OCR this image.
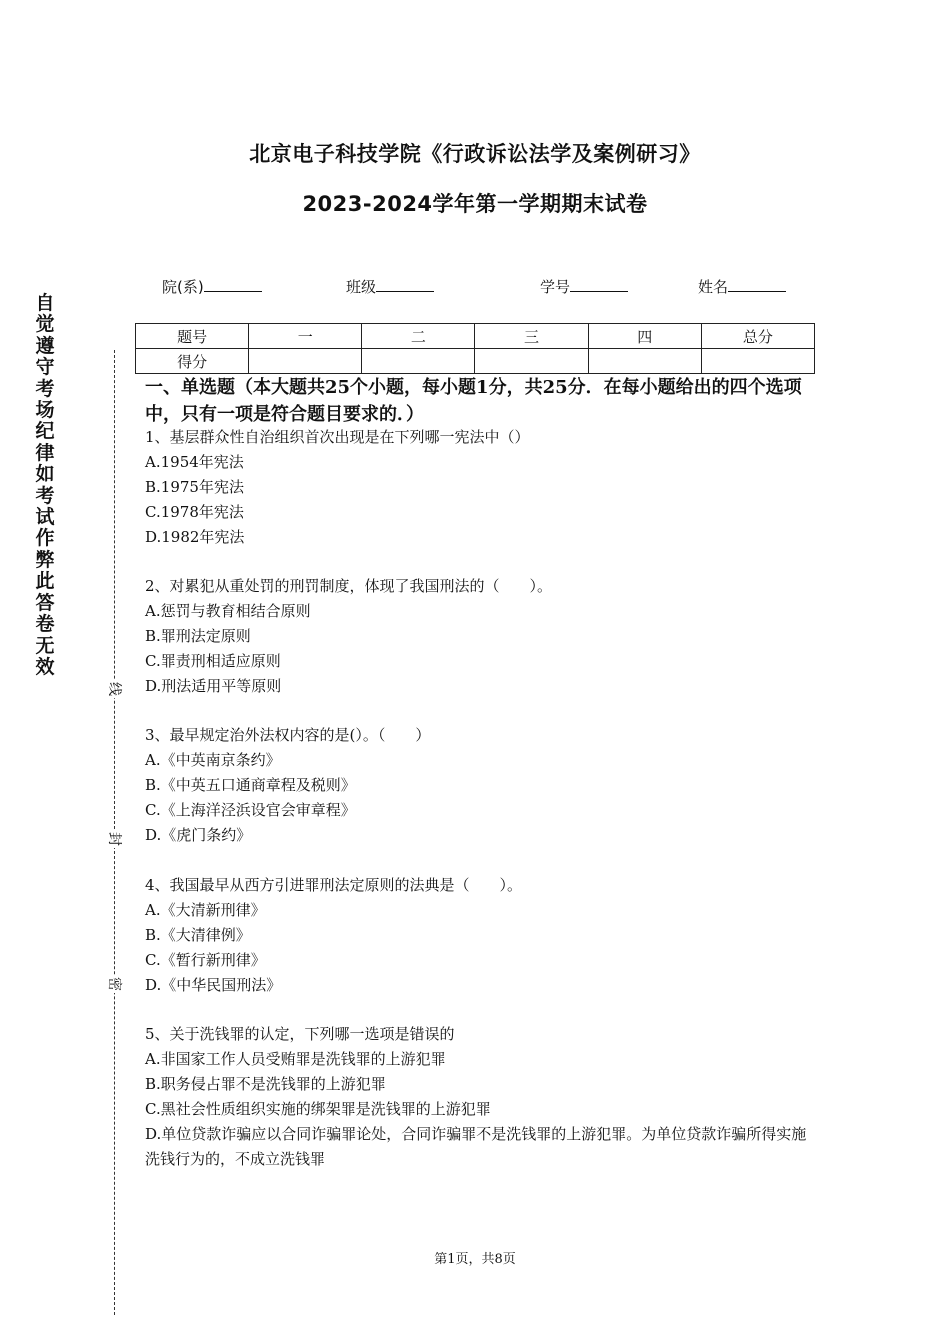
北京电子科技学院《行政诉讼法学及案例研习》
2023-2024学年第一学期期末试卷
院(系)	班级	学号	姓名
题号	一	二	三	四	总分
得分					
自
觉
遵
守
考
场
纪
律
如
考
试
作
弊
此
答
卷
无
效
线
封
密
一、单选题（本大题共25个小题，每小题1分，共25分．在每小题给出的四个选项中，只有一项是符合题目要求的．）
1、基层群众性自治组织首次出现是在下列哪一宪法中（）
A.1954年宪法
B.1975年宪法
C.1978年宪法
D.1982年宪法
2、对累犯从重处罚的刑罚制度，体现了我国刑法的（　　）。
A.惩罚与教育相结合原则
B.罪刑法定原则
C.罪责刑相适应原则
D.刑法适用平等原则
3、最早规定治外法权内容的是(）。（　　）
A.《中英南京条约》
B.《中英五口通商章程及税则》
C.《上海洋泾浜设官会审章程》
D.《虎门条约》
4、我国最早从西方引进罪刑法定原则的法典是（　　）。
A.《大清新刑律》
B.《大清律例》
C.《暂行新刑律》
D.《中华民国刑法》
5、关于洗钱罪的认定，下列哪一选项是错误的
A.非国家工作人员受贿罪是洗钱罪的上游犯罪
B.职务侵占罪不是洗钱罪的上游犯罪
C.黑社会性质组织实施的绑架罪是洗钱罪的上游犯罪
D.单位贷款诈骗应以合同诈骗罪论处，合同诈骗罪不是洗钱罪的上游犯罪。为单位贷款诈骗所得实施洗钱行为的，不成立洗钱罪
第1页，共8页
